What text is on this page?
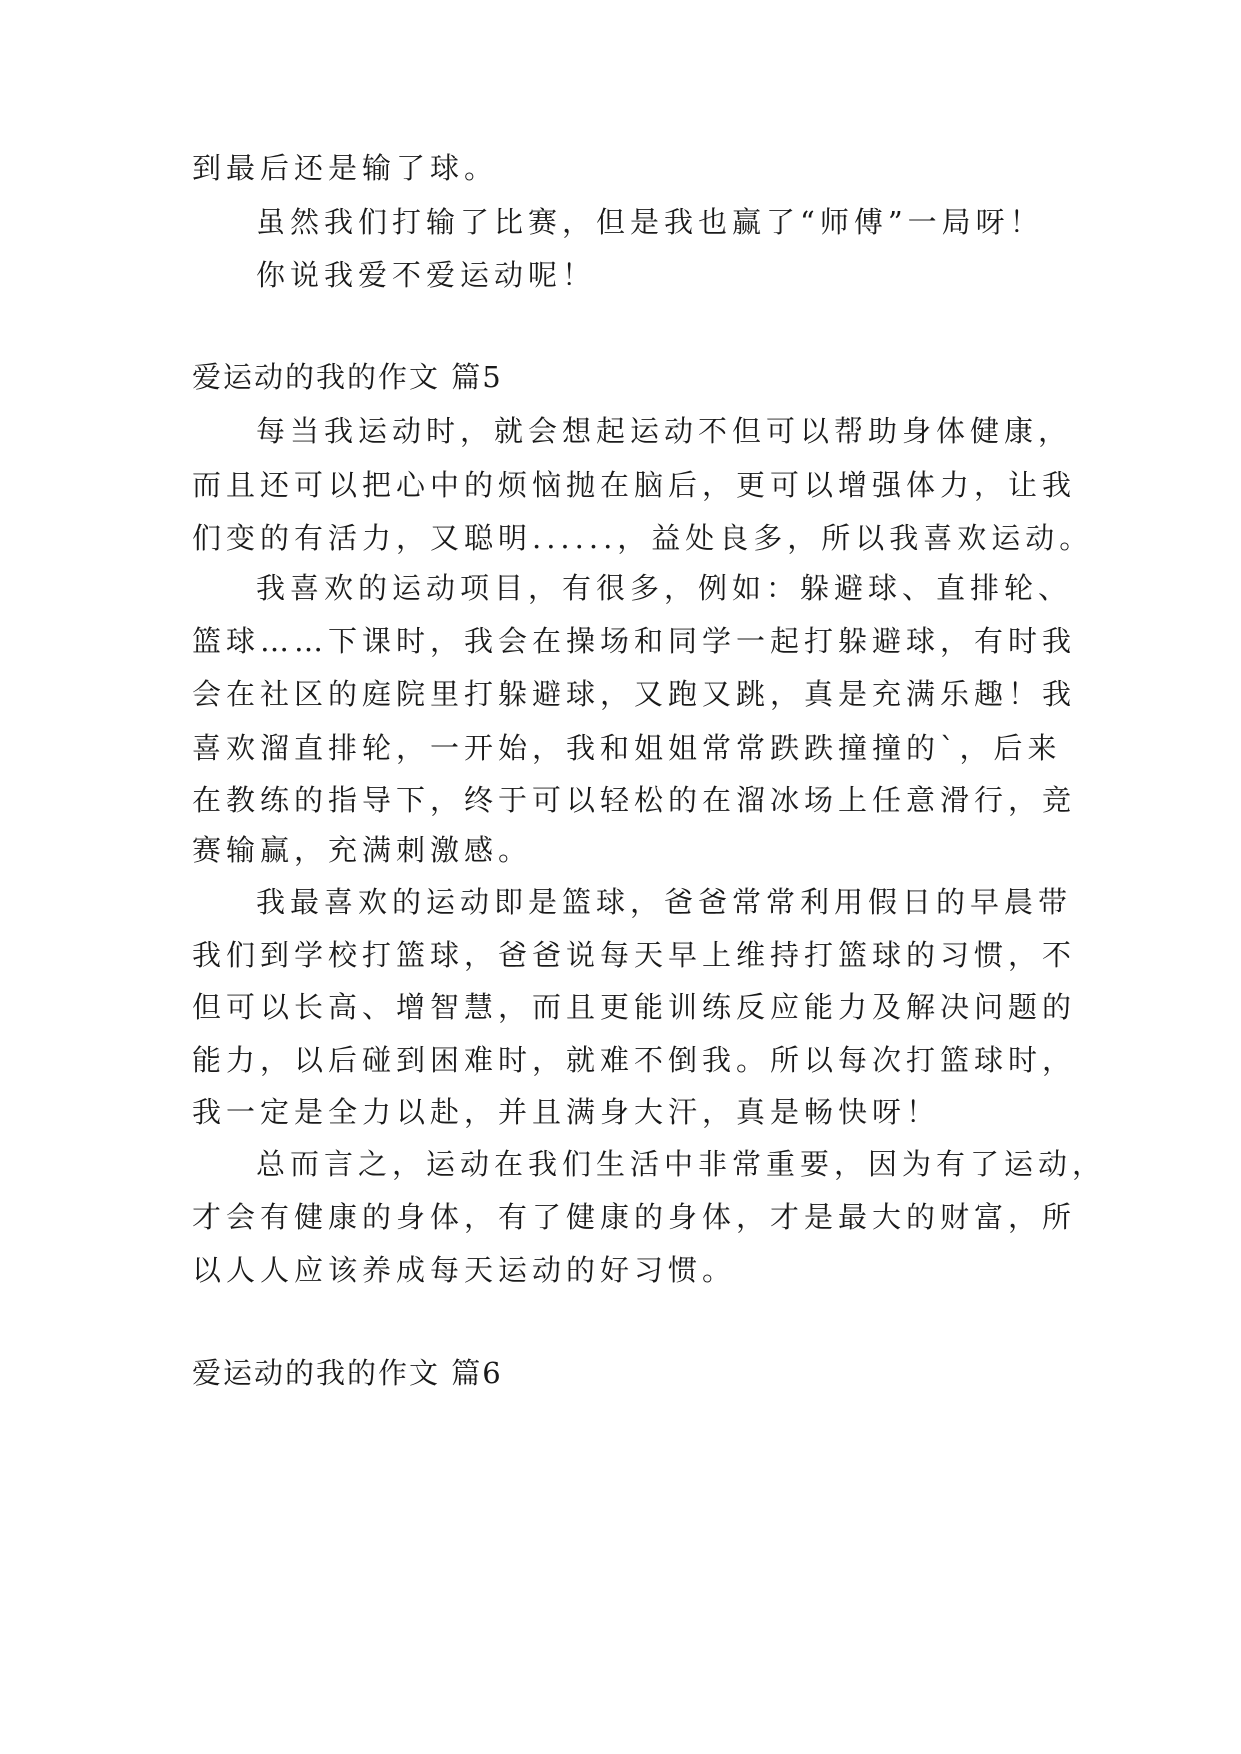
到最后还是输了球。
虽然我们打输了比赛，但是我也赢了“师傅”一局呀！
你说我爱不爱运动呢！
爱运动的我的作文 篇5
每当我运动时，就会想起运动不但可以帮助身体健康，
而且还可以把心中的烦恼抛在脑后，更可以增强体力，让我
们变的有活力，又聪明......，益处良多，所以我喜欢运动。
我喜欢的运动项目，有很多，例如：躲避球、直排轮、
篮球……下课时，我会在操场和同学一起打躲避球，有时我
会在社区的庭院里打躲避球，又跑又跳，真是充满乐趣！我
喜欢溜直排轮，一开始，我和姐姐常常跌跌撞撞的`，后来
在教练的指导下，终于可以轻松的在溜冰场上任意滑行，竞
赛输赢，充满刺激感。
我最喜欢的运动即是篮球，爸爸常常利用假日的早晨带
我们到学校打篮球，爸爸说每天早上维持打篮球的习惯，不
但可以长高、增智慧，而且更能训练反应能力及解决问题的
能力，以后碰到困难时，就难不倒我。所以每次打篮球时，
我一定是全力以赴，并且满身大汗，真是畅快呀！
总而言之，运动在我们生活中非常重要，因为有了运动，
才会有健康的身体，有了健康的身体，才是最大的财富，所
以人人应该养成每天运动的好习惯。
爱运动的我的作文 篇6
